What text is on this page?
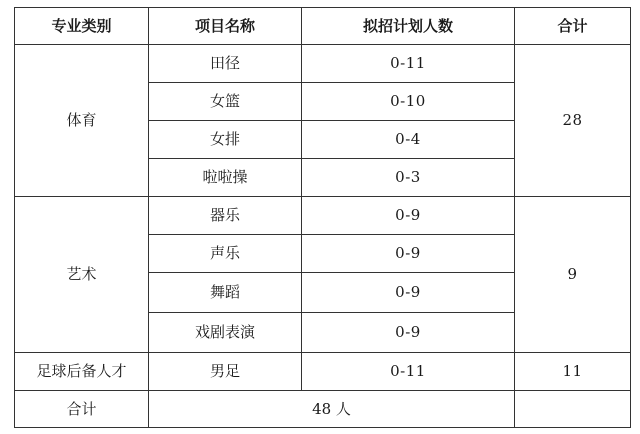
专业类别	项目名称	拟招计划人数	合计
体育	田径	0-11	28
	女篮	0-10	
	女排	0-4	
	啦啦操	0-3	
艺术	器乐	0-9	9
	声乐	0-9	
	舞蹈	0-9	
	戏剧表演	0-9	
足球后备人才	男足	0-11	11
合计	48 人		
